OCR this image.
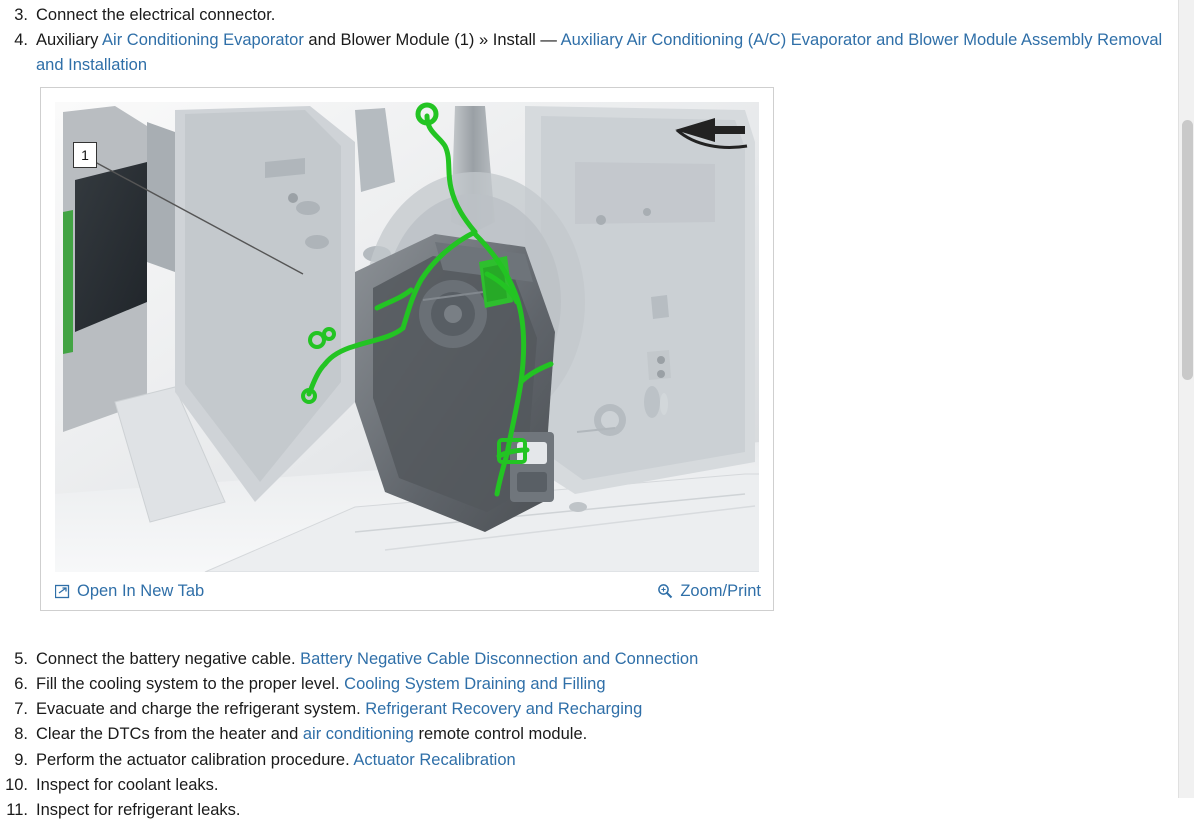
3. Connect the electrical connector.
4. Auxiliary Air Conditioning Evaporator and Blower Module (1) » Install — Auxiliary Air Conditioning (A/C) Evaporator and Blower Module Assembly Removal and Installation
1
Open In New Tab	Zoom/Print
5. Connect the battery negative cable. Battery Negative Cable Disconnection and Connection
6. Fill the cooling system to the proper level. Cooling System Draining and Filling
7. Evacuate and charge the refrigerant system. Refrigerant Recovery and Recharging
8. Clear the DTCs from the heater and air conditioning remote control module.
9. Perform the actuator calibration procedure. Actuator Recalibration
10. Inspect for coolant leaks.
11. Inspect for refrigerant leaks.
